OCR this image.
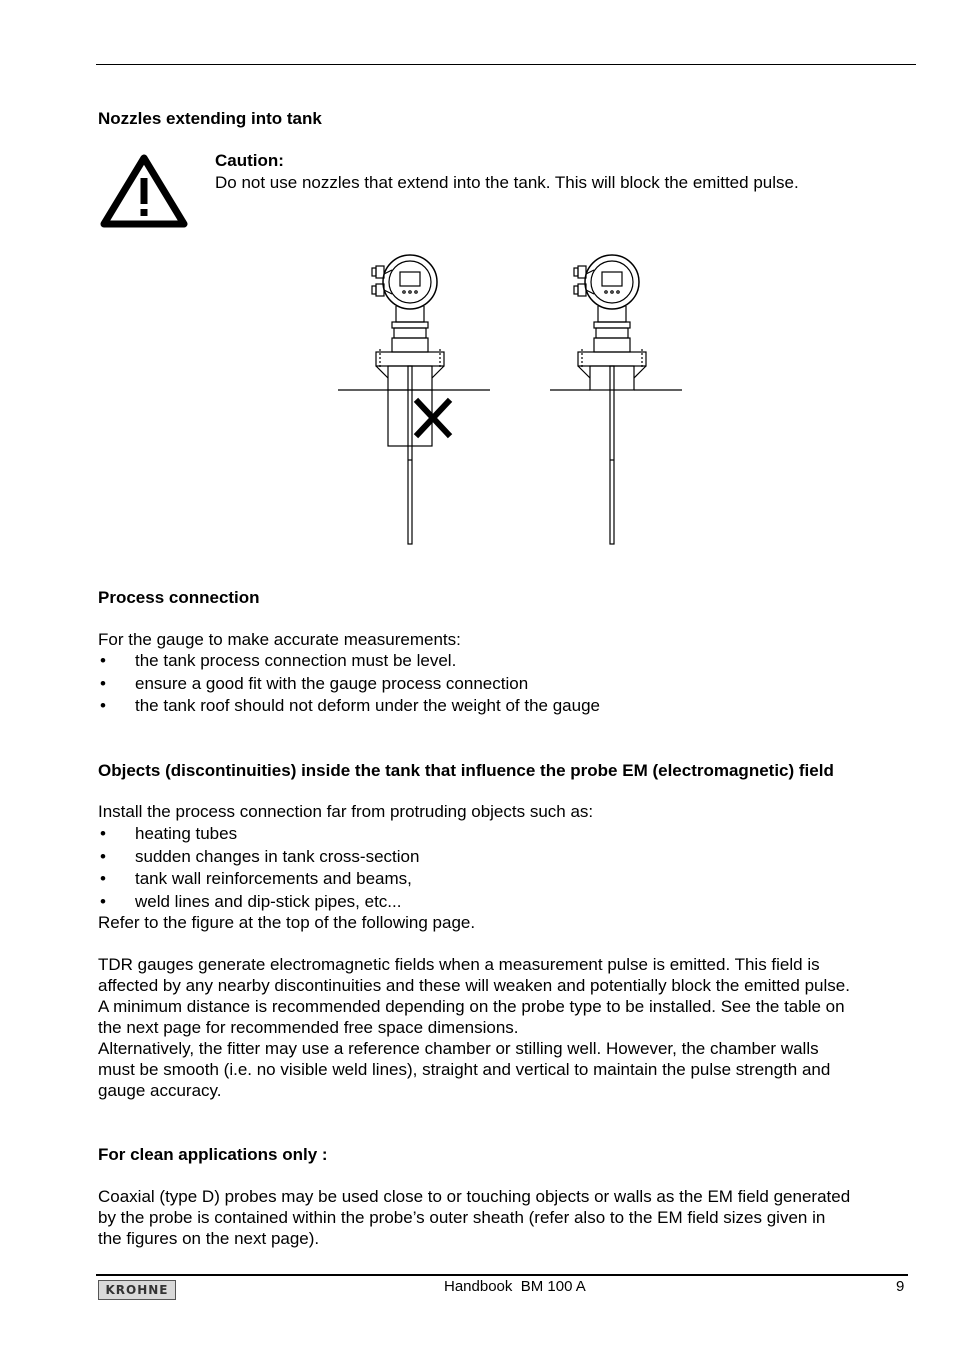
Nozzles extending into tank
Caution:
Do not use nozzles that extend into the tank. This will block the emitted pulse.
Process connection
For the gauge to make accurate measurements:
• the tank process connection must be level.
• ensure a good fit with the gauge process connection
• the tank roof should not deform under the weight of the gauge
Objects (discontinuities) inside the tank that influence the probe EM (electromagnetic) field
Install the process connection far from protruding objects such as:
• heating tubes
• sudden changes in tank cross-section
• tank wall reinforcements and beams,
• weld lines and dip-stick pipes, etc...
Refer to the figure at the top of the following page.
TDR gauges generate electromagnetic fields when a measurement pulse is emitted. This field is
affected by any nearby discontinuities and these will weaken and potentially block the emitted pulse.
A minimum distance is recommended depending on the probe type to be installed. See the table on
the next page for recommended free space dimensions.
Alternatively, the fitter may use a reference chamber or stilling well. However, the chamber walls
must be smooth (i.e. no visible weld lines), straight and vertical to maintain the pulse strength and
gauge accuracy.
For clean applications only :
Coaxial (type D) probes may be used close to or touching objects or walls as the EM field generated
by the probe is contained within the probe’s outer sheath (refer also to the EM field sizes given in
the figures on the next page).
KROHNE	Handbook  BM 100 A	9
